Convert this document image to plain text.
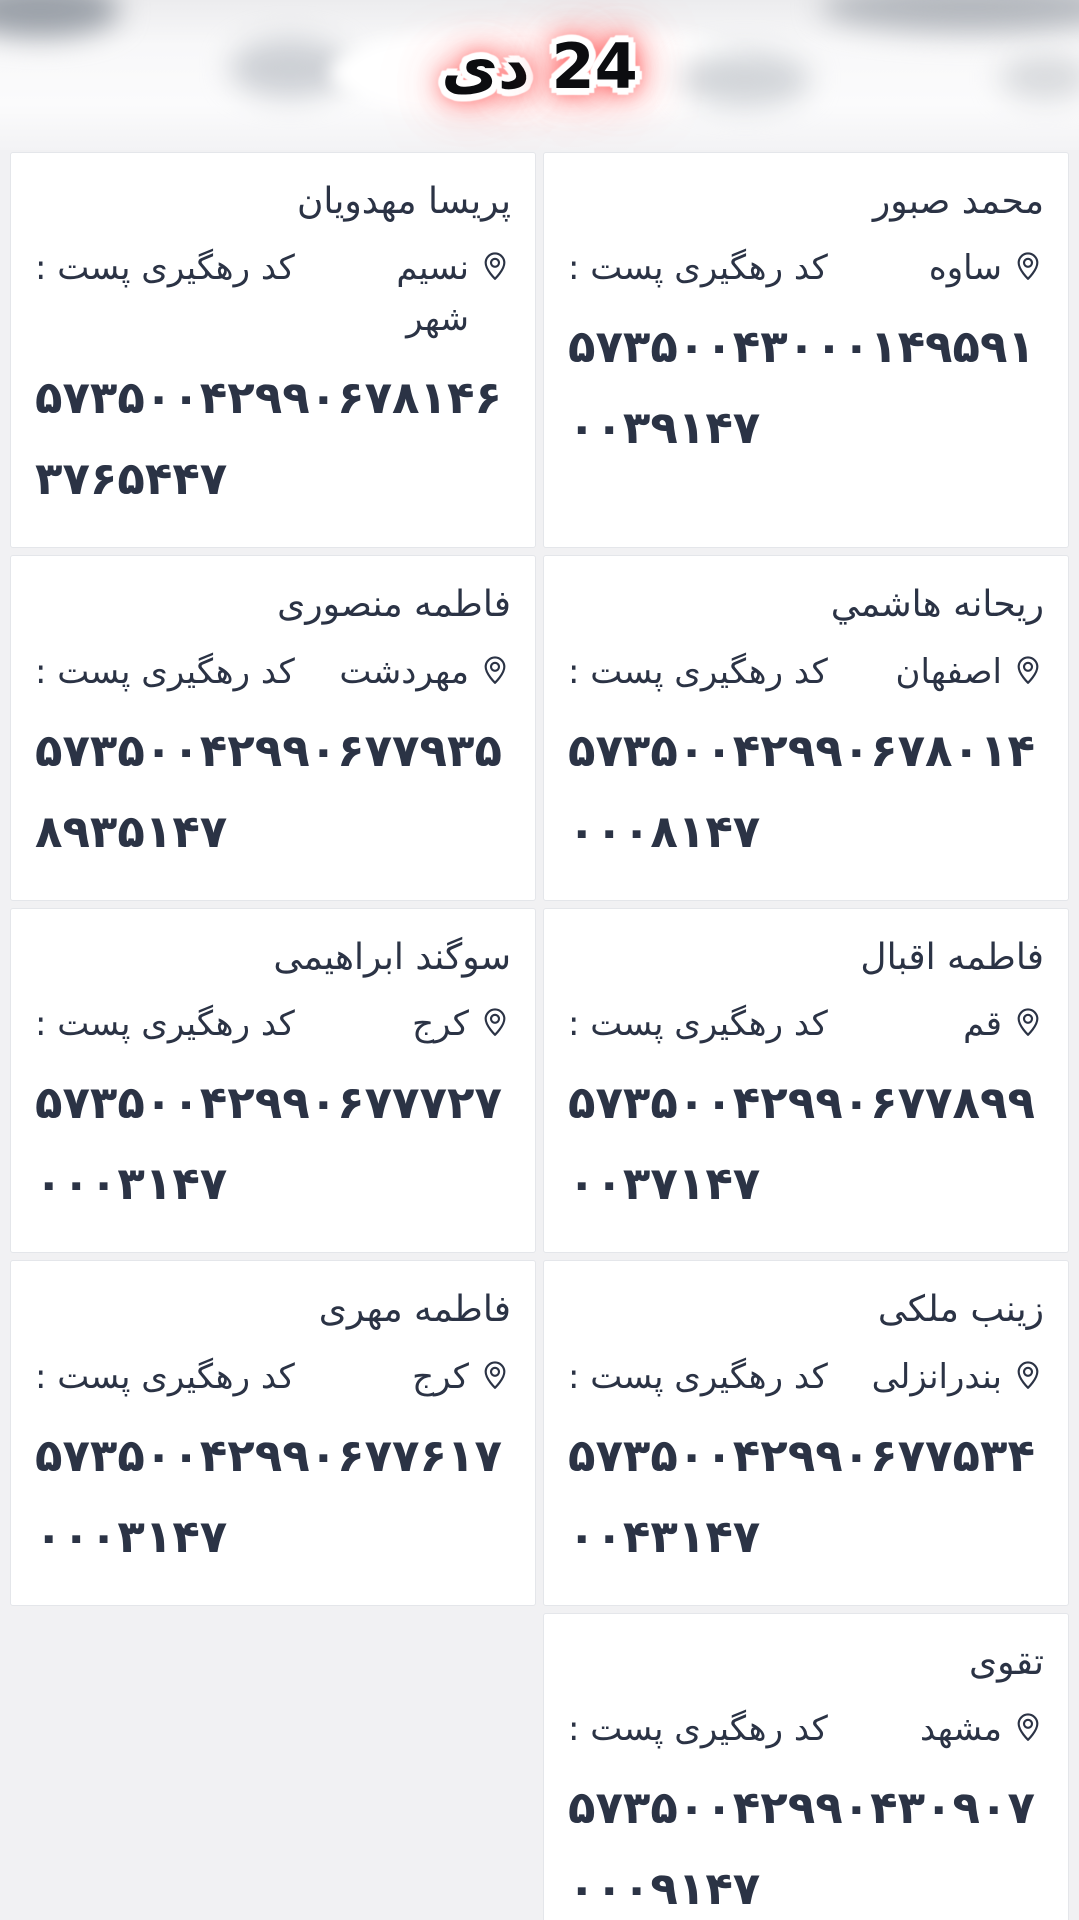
24 دی
محمد صبور
ساوه
کد رهگیری پست :
۵۷۳۵۰۰۴۳۰۰۰۱۴۹۵۹۱۰۰۳۹۱۴۷
پریسا مهدویان
نسیم شهر
کد رهگیری پست :
۵۷۳۵۰۰۴۲۹۹۰۶۷۸۱۴۶۳۷۶۵۴۴۷
ريحانه هاشمي
اصفهان
کد رهگیری پست :
۵۷۳۵۰۰۴۲۹۹۰۶۷۸۰۱۴۰۰۰۸۱۴۷
فاطمه منصوری
مهردشت
کد رهگیری پست :
۵۷۳۵۰۰۴۲۹۹۰۶۷۷۹۳۵۸۹۳۵۱۴۷
فاطمه اقبال
قم
کد رهگیری پست :
۵۷۳۵۰۰۴۲۹۹۰۶۷۷۸۹۹۰۰۳۷۱۴۷
سوگند ابراهیمی
کرج
کد رهگیری پست :
۵۷۳۵۰۰۴۲۹۹۰۶۷۷۷۲۷۰۰۰۳۱۴۷
زینب ملکی
بندرانزلی
کد رهگیری پست :
۵۷۳۵۰۰۴۲۹۹۰۶۷۷۵۳۴۰۰۴۳۱۴۷
فاطمه مهری
کرج
کد رهگیری پست :
۵۷۳۵۰۰۴۲۹۹۰۶۷۷۶۱۷۰۰۰۳۱۴۷
تقوی
مشهد
کد رهگیری پست :
۵۷۳۵۰۰۴۲۹۹۰۴۳۰۹۰۷۰۰۰۹۱۴۷
